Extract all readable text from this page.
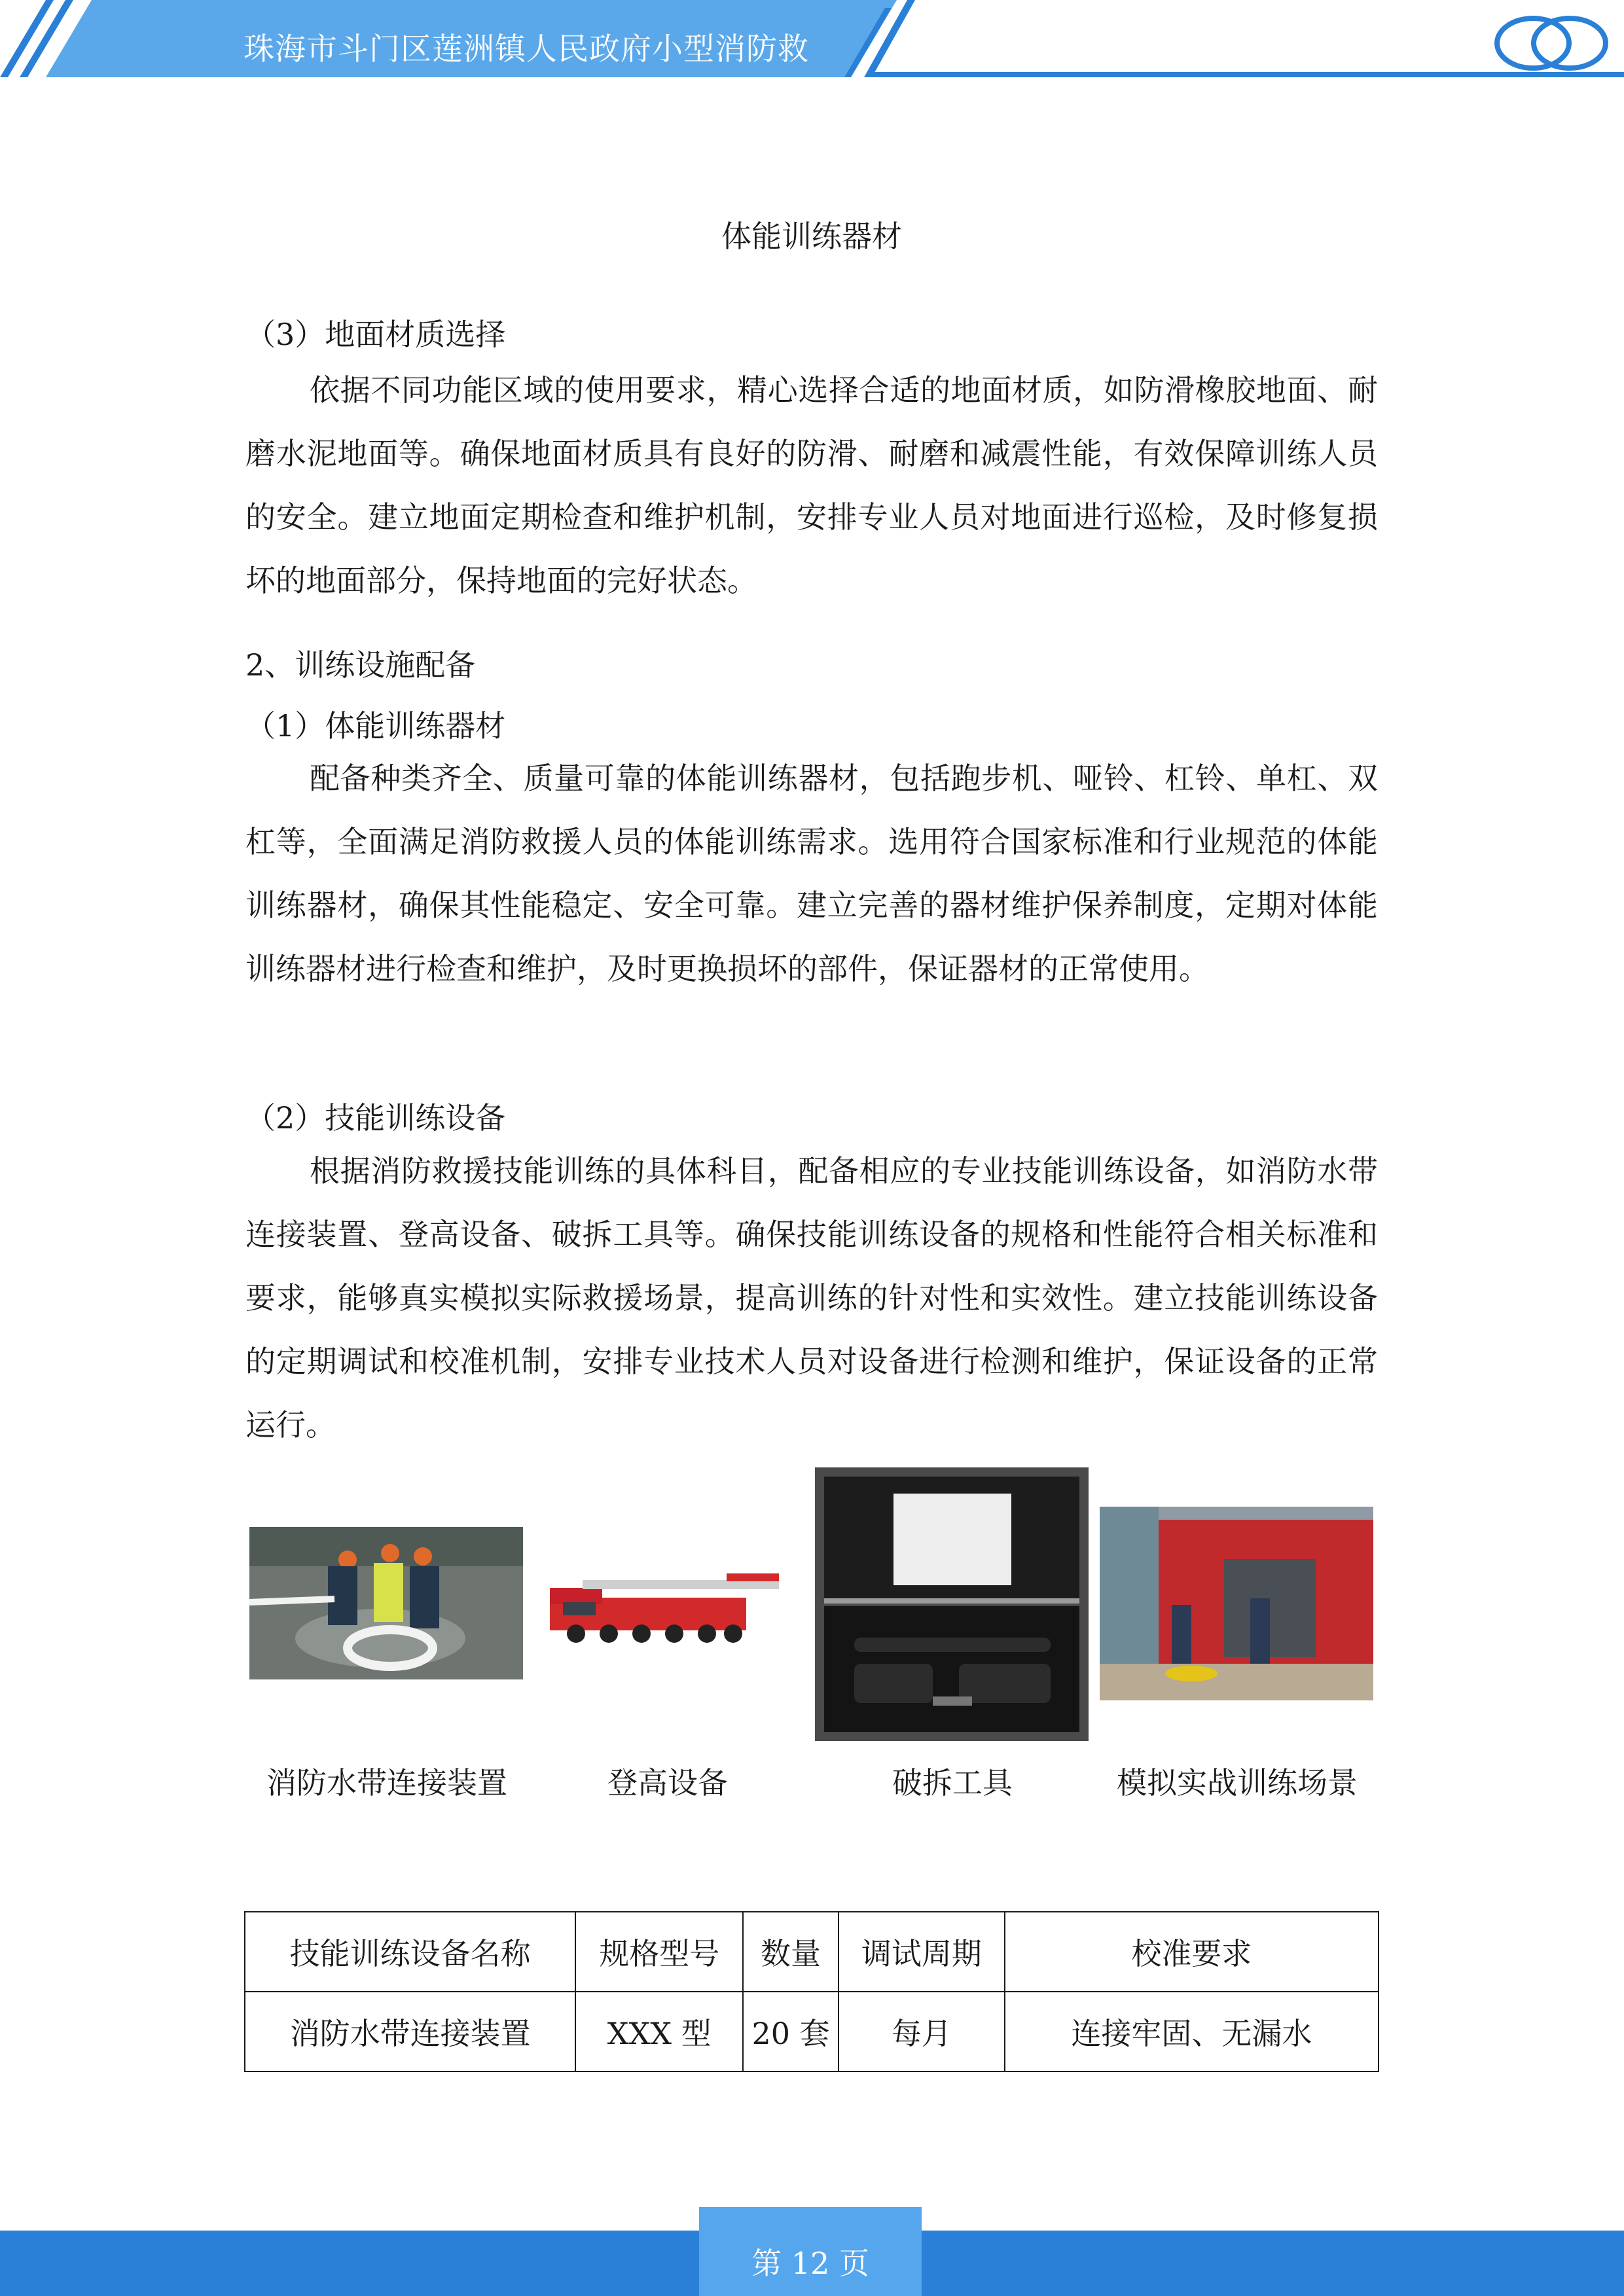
珠海市斗门区莲洲镇人民政府小型消防救	(项目)
体能训练器材
（3）地面材质选择

依据不同功能区域的使用要求，精心选择合适的地面材质，如防滑橡胶地面、耐磨水泥地面等。确保地面材质具有良好的防滑、耐磨和减震性能，有效保障训练人员的安全。建立地面定期检查和维护机制，安排专业人员对地面进行巡检，及时修复损坏的地面部分，保持地面的完好状态。

2、训练设施配备
（1）体能训练器材

配备种类齐全、质量可靠的体能训练器材，包括跑步机、哑铃、杠铃、单杠、双杠等，全面满足消防救援人员的体能训练需求。选用符合国家标准和行业规范的体能训练器材，确保其性能稳定、安全可靠。建立完善的器材维护保养制度，定期对体能训练器材进行检查和维护，及时更换损坏的部件，保证器材的正常使用。

（2）技能训练设备

根据消防救援技能训练的具体科目，配备相应的专业技能训练设备，如消防水带连接装置、登高设备、破拆工具等。确保技能训练设备的规格和性能符合相关标准和要求，能够真实模拟实际救援场景，提高训练的针对性和实效性。建立技能训练设备的定期调试和校准机制，安排专业技术人员对设备进行检测和维护，保证设备的正常运行。

消防水带连接装置	登高设备	破拆工具	模拟实战训练场景
技能训练设备名称	规格型号	数量	调试周期	校准要求
消防水带连接装置	XXX 型	20 套	每月	连接牢固、无漏水
第 12 页
